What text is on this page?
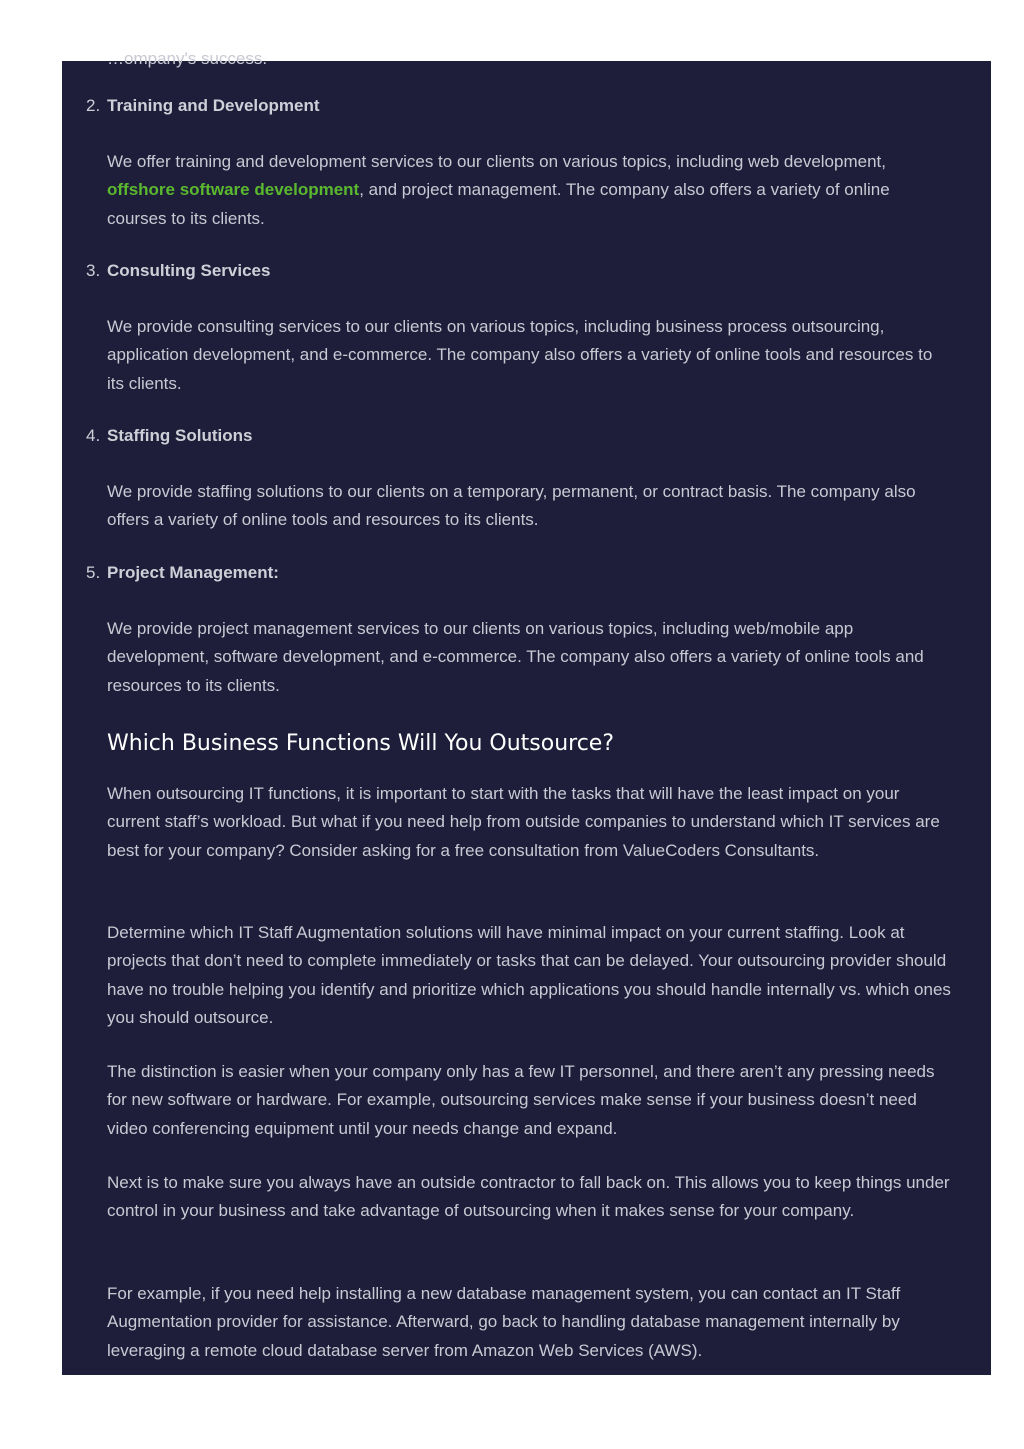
…ompany's success.
2. Training and Development
We offer training and development services to our clients on various topics, including web development, offshore software development, and project management. The company also offers a variety of online courses to its clients.
3. Consulting Services
We provide consulting services to our clients on various topics, including business process outsourcing, application development, and e-commerce. The company also offers a variety of online tools and resources to its clients.
4. Staffing Solutions
We provide staffing solutions to our clients on a temporary, permanent, or contract basis. The company also offers a variety of online tools and resources to its clients.
5. Project Management:
We provide project management services to our clients on various topics, including web/mobile app development, software development, and e-commerce. The company also offers a variety of online tools and resources to its clients.
Which Business Functions Will You Outsource?

When outsourcing IT functions, it is important to start with the tasks that will have the least impact on your current staff’s workload. But what if you need help from outside companies to understand which IT services are best for your company? Consider asking for a free consultation from ValueCoders Consultants.

Determine which IT Staff Augmentation solutions will have minimal impact on your current staffing. Look at projects that don’t need to complete immediately or tasks that can be delayed. Your outsourcing provider should have no trouble helping you identify and prioritize which applications you should handle internally vs. which ones you should outsource.

The distinction is easier when your company only has a few IT personnel, and there aren’t any pressing needs for new software or hardware. For example, outsourcing services make sense if your business doesn’t need video conferencing equipment until your needs change and expand.

Next is to make sure you always have an outside contractor to fall back on. This allows you to keep things under control in your business and take advantage of outsourcing when it makes sense for your company.

For example, if you need help installing a new database management system, you can contact an IT Staff Augmentation provider for assistance. Afterward, go back to handling database management internally by leveraging a remote cloud database server from Amazon Web Services (AWS).
